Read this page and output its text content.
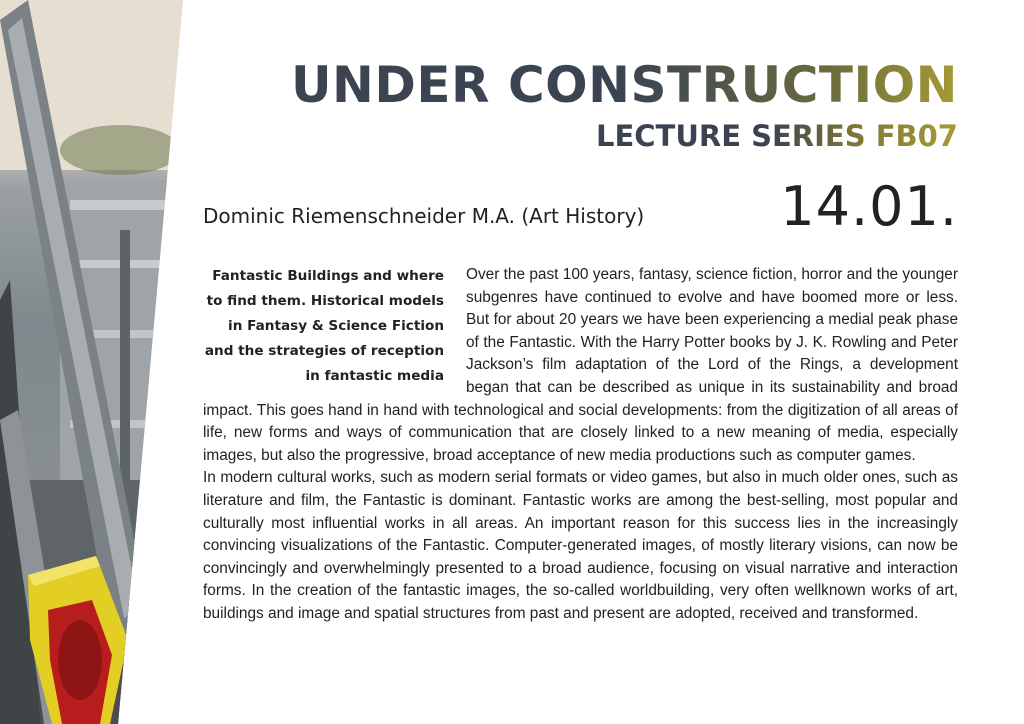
UNDER CONSTRUCTION
LECTURE SERIES FB07
14.01.
Dominic Riemenschneider M.A. (Art History)
Fantastic Buildings and where
to find them. Historical models
in Fantasy & Science Fiction
and the strategies of reception
in fantastic media

Over the past 100 years, fantasy, science fiction, horror and the younger subgenres have continued to evolve and have boomed more or less. But for about 20 years we have been experiencing a medial peak phase of the Fantastic. With the Harry Potter books by J. K. Rowling and Peter Jackson’s film adaptation of the Lord of the Rings, a development began that can be described as unique in its sustainability and broad impact. This goes hand in hand with technological and social developments: from the digitization of all areas of life, new forms and ways of communication that are closely linked to a new meaning of media, especially images, but also the progressive, broad acceptance of new media productions such as computer games.

In modern cultural works, such as modern serial formats or video games, but also in much older ones, such as literature and film, the Fantastic is dominant. Fantastic works are among the best-selling, most popular and culturally most influential works in all areas. An important reason for this success lies in the increasingly convincing visualizations of the Fantastic. Computer-generated images, of mostly literary visions, can now be convincingly and overwhelmingly presented to a broad audience, focusing on visual narrative and interaction forms. In the creation of the fantastic images, the so-called worldbuilding, very often wellknown works of art, buildings and image and spatial structures from past and present are adopted, received and transformed.
